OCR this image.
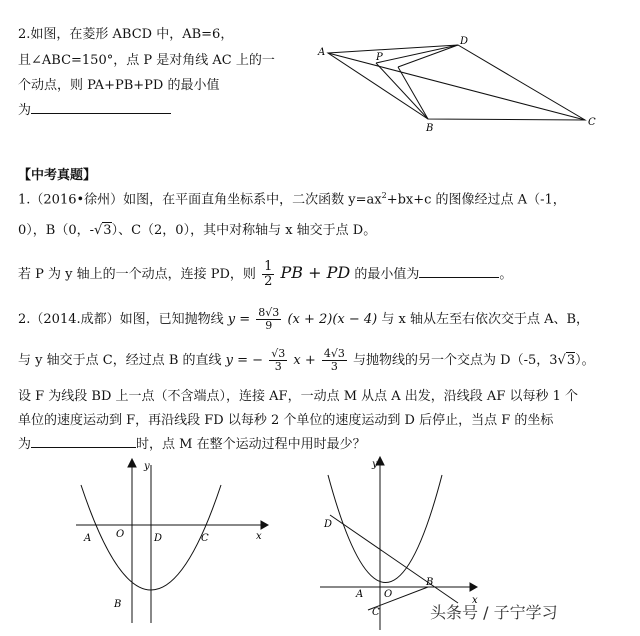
2.如图，在菱形 ABCD 中，AB=6，
且∠ABC=150°，点 P 是对角线 AC 上的一
个动点，则 PA+PB+PD 的最小值
为
A
D
P
B
C
【中考真题】
1.（2016•徐州）如图，在平面直角坐标系中，二次函数 $y=ax^2+bx+c$ 的图像经过点 A（-1，
0），B（0，-√3）、C（2，0），其中对称轴与 x 轴交于点 D。
若 P 为 y 轴上的一个动点，连接 PD，则 $\frac{1}{2}$ PB + PD 的最小值为	。
2.（2014.成都）如图，已知抛物线 $y = \frac{8√3}{9} (x + 2)(x - 4)$ 与 x 轴从左至右依次交于点 A、B，
与 y 轴交于点 C，经过点 B 的直线 y = − $\frac{√3}{3}$ $x + \frac{4√3}{3}$ 与抛物线的另一个交点为 D（-5，3√3）。
设 F 为线段 BD 上一点（不含端点），连接 AF，一动点 M 从点 A 出发，沿线段 AF 以每秒 1 个
单位的速度运动到 F，再沿线段 FD 以每秒 2 个单位的速度运动到 D 后停止，当点 F 的坐标
为	时，点 M 在整个运动过程中用时最少？
y
x
O
A	D	C
B
y
x
O
A
B
C
D
头条号 / 子宁学习
